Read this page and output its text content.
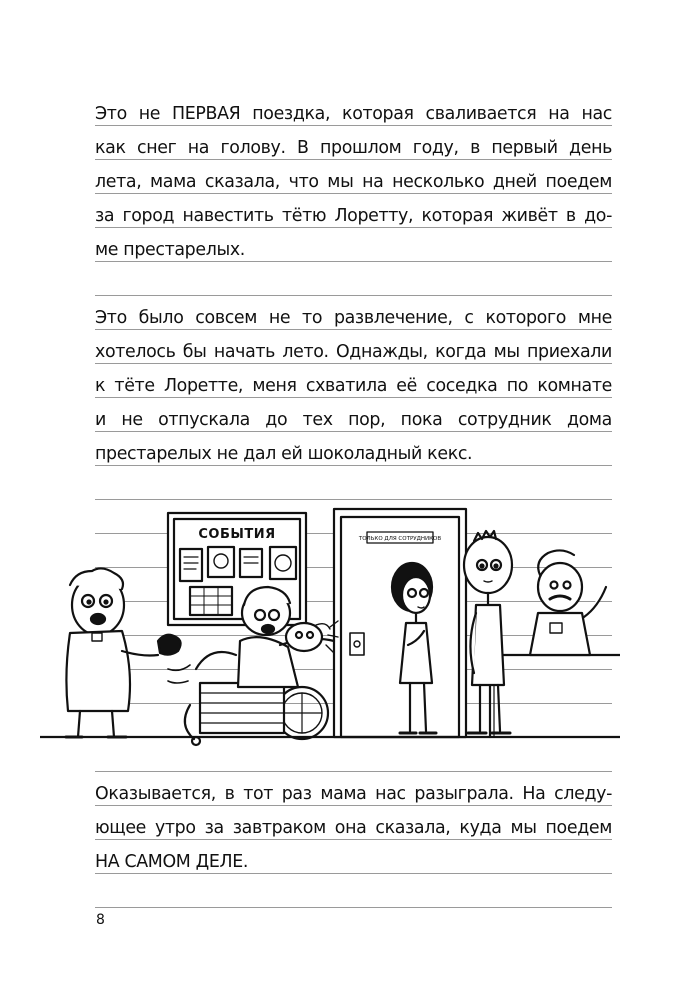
Это не ПЕРВАЯ поездка, которая сваливается на нас
как снег на голову. В прошлом году, в первый день
лета, мама сказала, что мы на несколько дней поедем
за город навестить тётю Лоретту, которая живёт в до-
ме престарелых.
Это было совсем не то развлечение, с которого мне
хотелось бы начать лето. Однажды, когда мы приехали
к тёте Лоретте, меня схватила её соседка по комнате
и не отпускала до тех пор, пока сотрудник дома
престарелых не дал ей шоколадный кекс.
СОБЫТИЯ	ТОЛЬКО ДЛЯ СОТРУДНИКОВ
Оказывается, в тот раз мама нас разыграла. На следу-
ющее утро за завтраком она сказала, куда мы поедем
НА САМОМ ДЕЛЕ.
8
